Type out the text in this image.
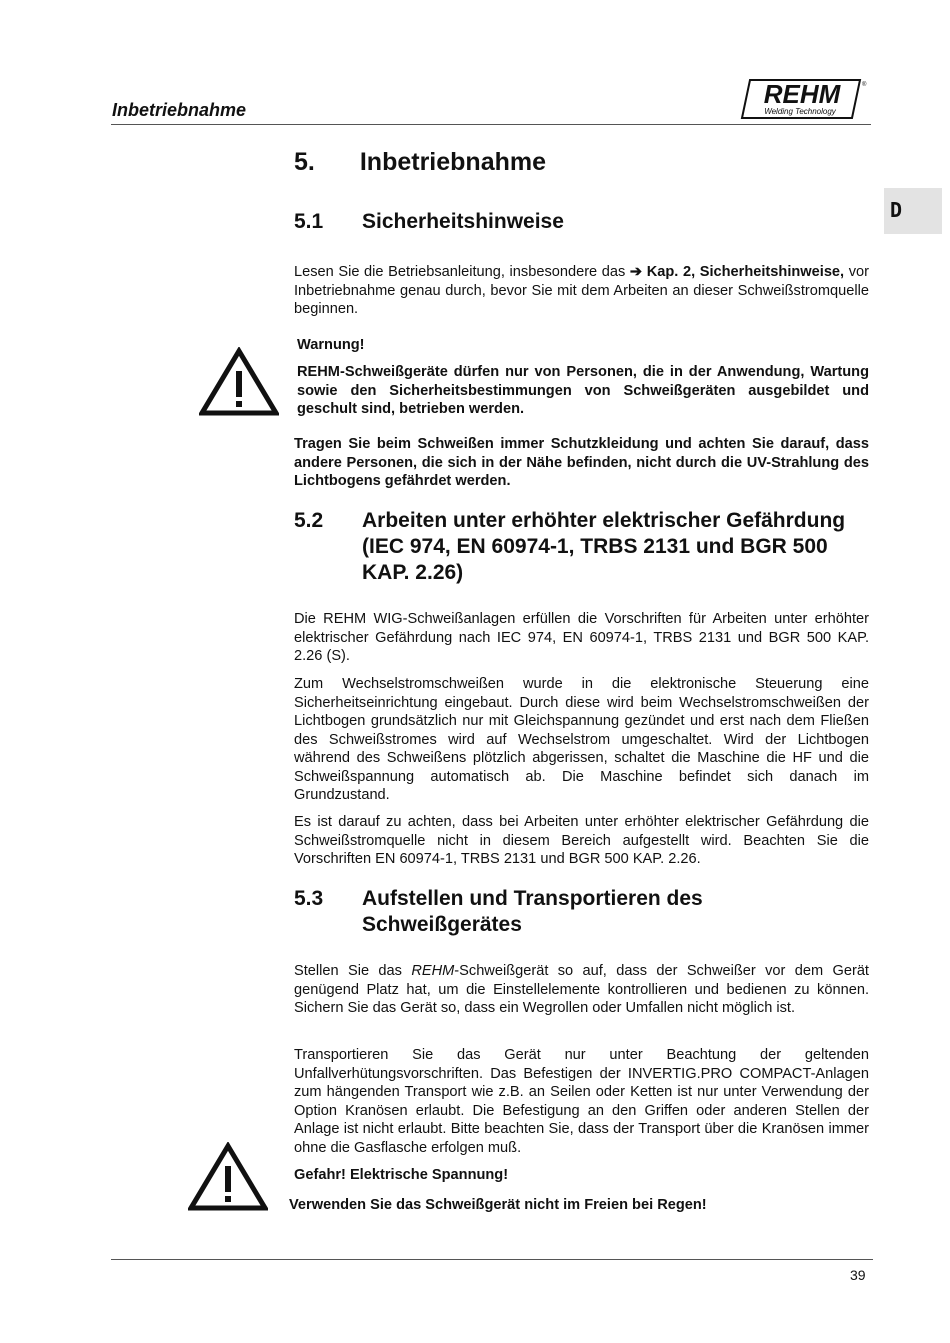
Inbetriebnahme
REHM
Welding Technology
®
D
5. Inbetriebnahme
5.1 Sicherheitshinweise

Lesen Sie die Betriebsanleitung, insbesondere das ➔ Kap. 2, Sicherheitshinweise, vor Inbetriebnahme genau durch, bevor Sie mit dem Arbeiten an dieser Schweißstromquelle beginnen.

Warnung!

REHM-Schweißgeräte dürfen nur von Personen, die in der Anwendung, Wartung sowie den Sicherheitsbestimmungen von Schweißgeräten ausgebildet und geschult sind, betrieben werden.

Tragen Sie beim Schweißen immer Schutzkleidung und achten Sie darauf, dass andere Personen, die sich in der Nähe befinden, nicht durch die UV-Strahlung des Lichtbogens gefährdet werden.

5.2 Arbeiten unter erhöhter elektrischer Gefährdung (IEC 974, EN 60974-1, TRBS 2131 und BGR 500 KAP. 2.26)

Die REHM WIG-Schweißanlagen erfüllen die Vorschriften für Arbeiten unter erhöhter elektrischer Gefährdung nach IEC 974, EN 60974-1, TRBS 2131 und BGR 500 KAP. 2.26 (S).

Zum Wechselstromschweißen wurde in die elektronische Steuerung eine Sicherheitseinrichtung eingebaut. Durch diese wird beim Wechselstromschweißen der Lichtbogen grundsätzlich nur mit Gleichspannung gezündet und erst nach dem Fließen des Schweißstromes wird auf Wechselstrom umgeschaltet. Wird der Lichtbogen während des Schweißens plötzlich abgerissen, schaltet die Maschine die HF und die Schweißspannung automatisch ab. Die Maschine befindet sich danach im Grundzustand.

Es ist darauf zu achten, dass bei Arbeiten unter erhöhter elektrischer Gefährdung die Schweißstromquelle nicht in diesem Bereich aufgestellt wird. Beachten Sie die Vorschriften EN 60974-1, TRBS 2131 und BGR 500 KAP. 2.26.

5.3 Aufstellen und Transportieren des Schweißgerätes

Stellen Sie das REHM-Schweißgerät so auf, dass der Schweißer vor dem Gerät genügend Platz hat, um die Einstellelemente kontrollieren und bedienen zu können. Sichern Sie das Gerät so, dass ein Wegrollen oder Umfallen nicht möglich ist.

Transportieren Sie das Gerät nur unter Beachtung der geltenden Unfallverhütungsvorschriften. Das Befestigen der INVERTIG.PRO COMPACT-Anlagen zum hängenden Transport wie z.B. an Seilen oder Ketten ist nur unter Verwendung der Option Kranösen erlaubt. Die Befestigung an den Griffen oder anderen Stellen der Anlage ist nicht erlaubt. Bitte beachten Sie, dass der Transport über die Kranösen immer ohne die Gasflasche erfolgen muß.

Gefahr! Elektrische Spannung!

Verwenden Sie das Schweißgerät nicht im Freien bei Regen!

39
